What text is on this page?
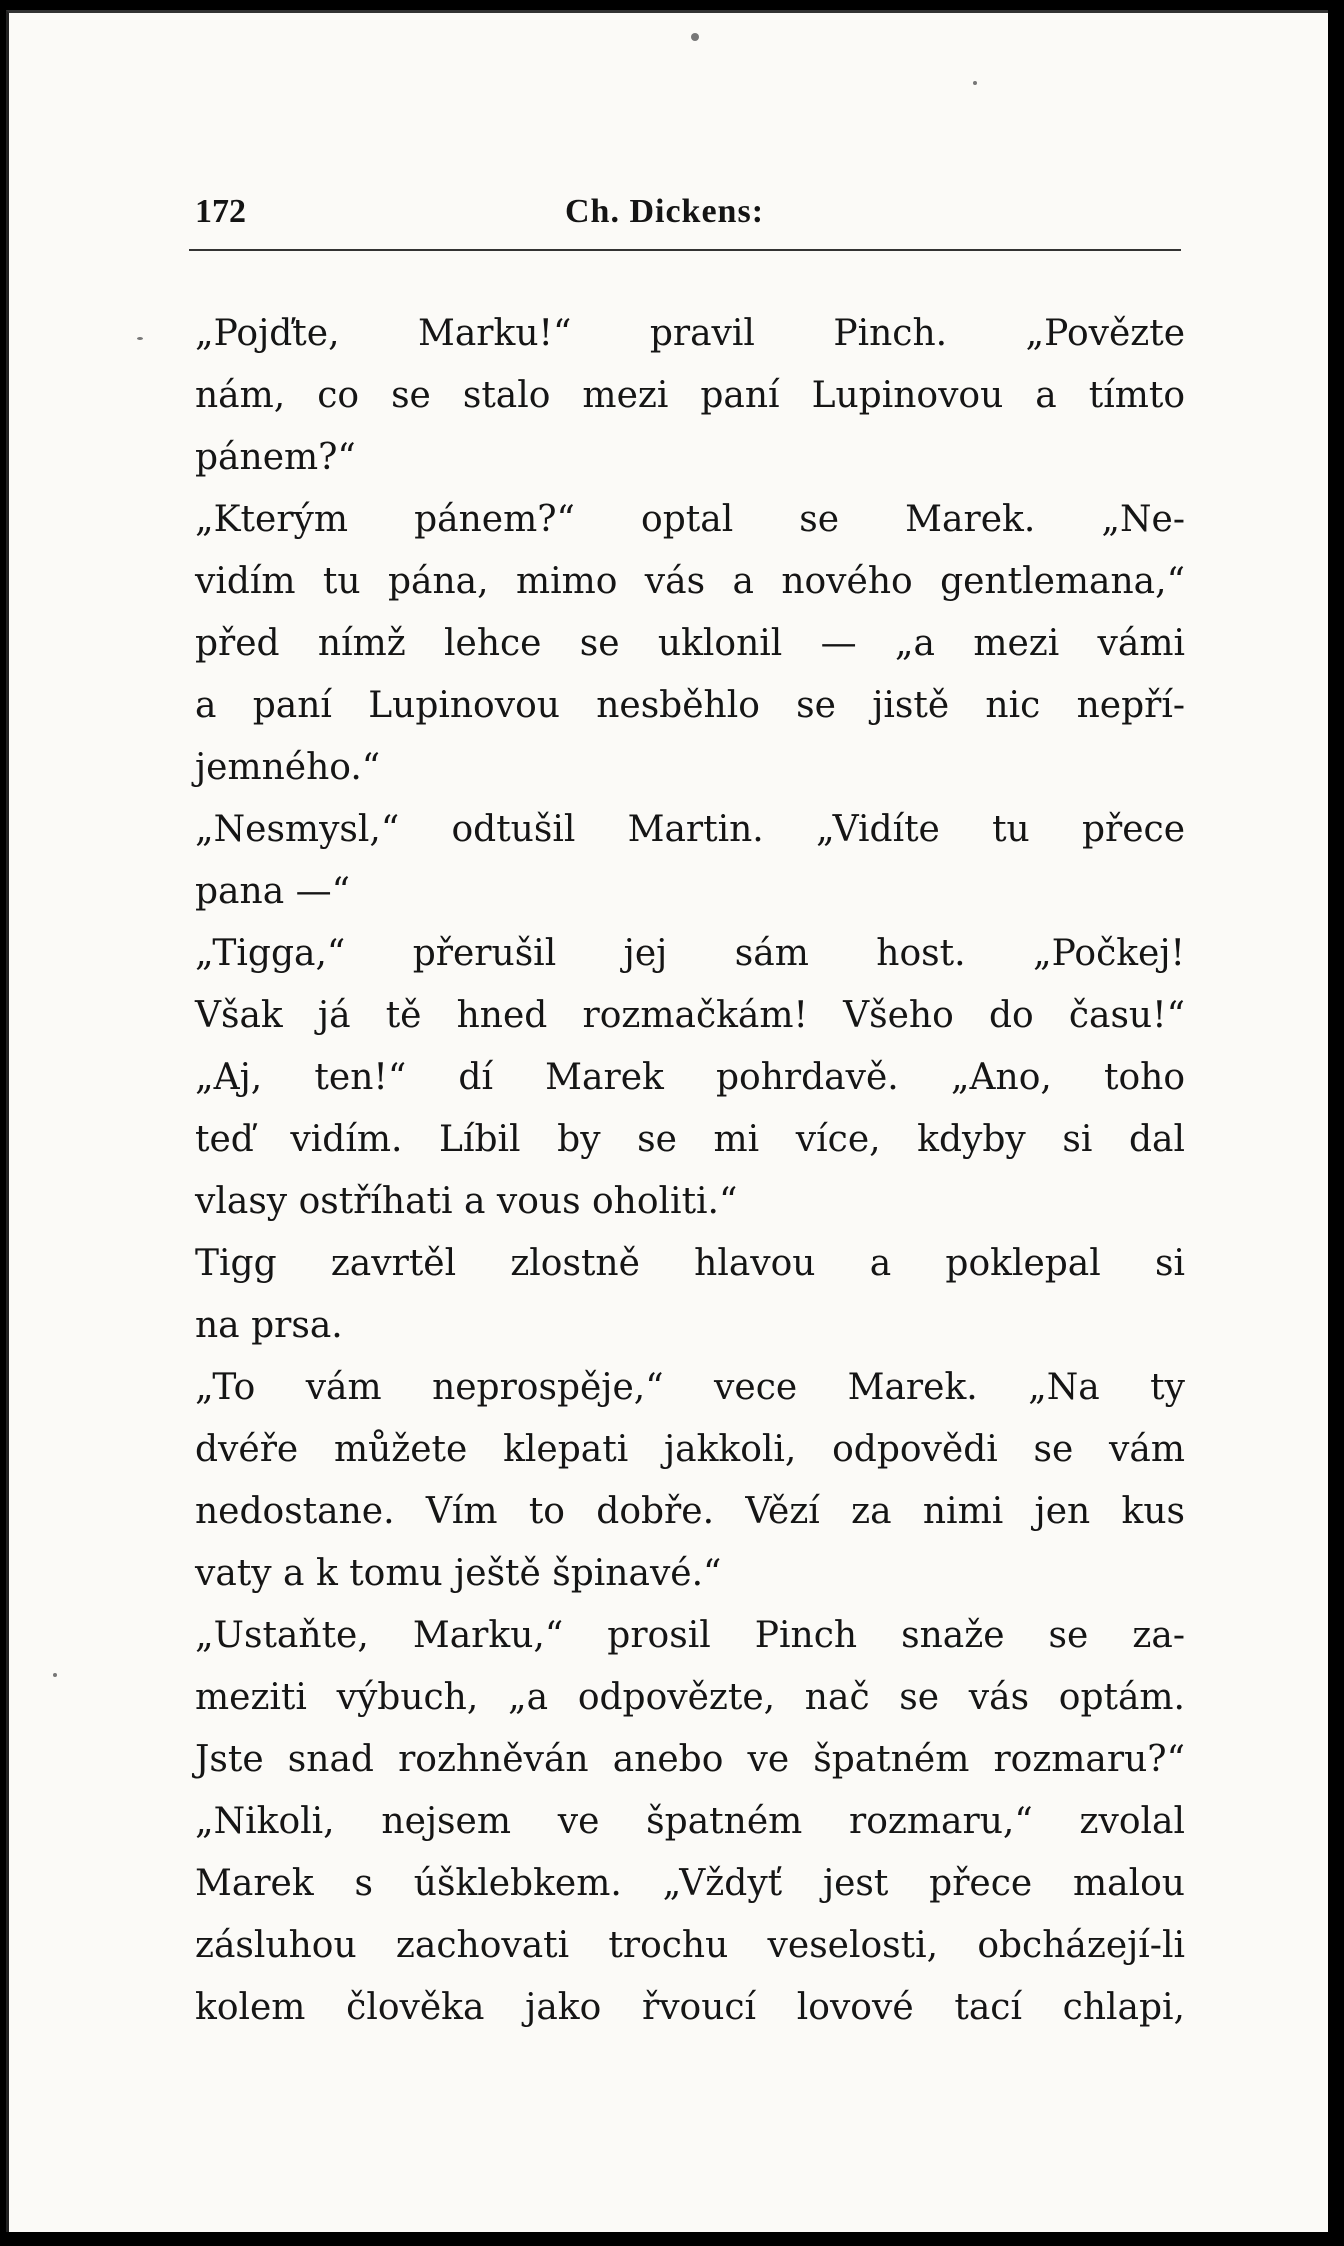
172	Ch. Dickens:
„Pojďte, Marku!“ pravil Pinch. „Povězte
nám, co se stalo mezi paní Lupinovou a tímto
pánem?“
„Kterým pánem?“ optal se Marek. „Ne-
vidím tu pána, mimo vás a nového gentlemana,“
před nímž lehce se uklonil — „a mezi vámi
a paní Lupinovou nesběhlo se jistě nic nepří-
jemného.“
„Nesmysl,“ odtušil Martin. „Vidíte tu přece
pana —“
„Tigga,“ přerušil jej sám host. „Počkej!
Však já tě hned rozmačkám! Všeho do času!“
„Aj, ten!“ dí Marek pohrdavě. „Ano, toho
teď vidím. Líbil by se mi více, kdyby si dal
vlasy ostříhati a vous oholiti.“
Tigg zavrtěl zlostně hlavou a poklepal si
na prsa.
„To vám neprospěje,“ vece Marek. „Na ty
dvéře můžete klepati jakkoli, odpovědi se vám
nedostane. Vím to dobře. Vězí za nimi jen kus
vaty a k tomu ještě špinavé.“
„Ustaňte, Marku,“ prosil Pinch snaže se za-
meziti výbuch, „a odpovězte, nač se vás optám.
Jste snad rozhněván anebo ve špatném rozmaru?“
„Nikoli, nejsem ve špatném rozmaru,“ zvolal
Marek s úšklebkem. „Vždyť jest přece malou
zásluhou zachovati trochu veselosti, obcházejí-li
kolem člověka jako řvoucí lovové tací chlapi,
